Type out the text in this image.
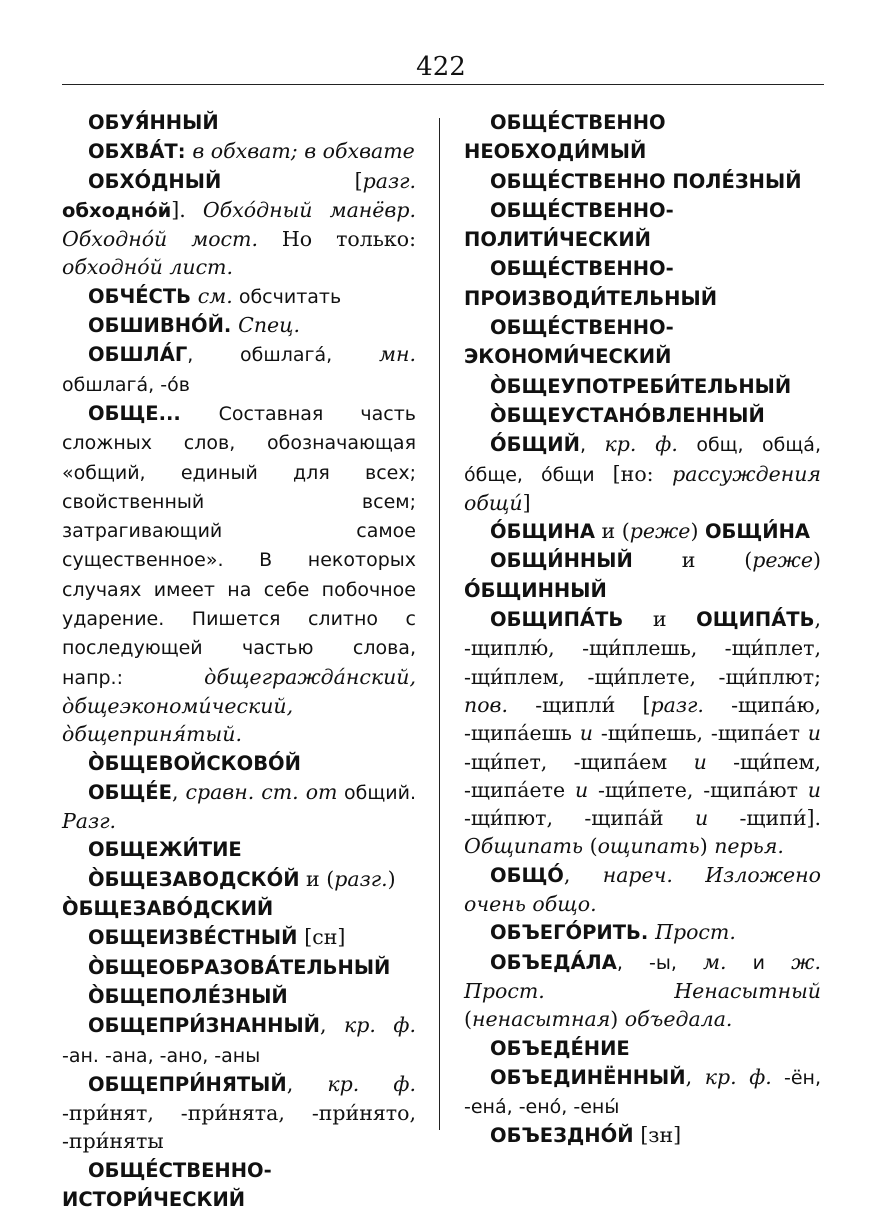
422

ОБУЯ́ННЫЙ

ОБХВА́Т: в обхват; в обхвате

ОБХО́ДНЫЙ [разг. обходно́й]. Обхо́дный манёвр. Обходно́й мост. Но только: обходно́й лист.

ОБЧЕ́СТЬ см. обсчитать

ОБШИВНО́Й. Спец.

ОБШЛА́Г, обшлага́, мн. обшлага́, -о́в

ОБЩЕ... Составная часть сложных слов, обозначающая «общий, единый для всех; свойственный всем; затрагивающий самое существенное». В некоторых случаях имеет на себе побочное ударение. Пишется слитно с последующей частью слова, напр.: о̀бщегражда́нский, о̀бщеэкономи́ческий, о̀бщеприня́тый.

О̀БЩЕВОЙСКОВО́Й

ОБЩЕ́Е, сравн. ст. от общий. Разг.

ОБЩЕЖИ́ТИЕ

О̀БЩЕЗАВОДСКО́Й и (разг.)

О̀БЩЕЗАВО́ДСКИЙ

ОБЩЕИЗВЕ́СТНЫЙ [сн]

О̀БЩЕОБРАЗОВА́ТЕЛЬНЫЙ

О̀БЩЕПОЛЕ́ЗНЫЙ

ОБЩЕПРИ́ЗНАННЫЙ, кр. ф. -ан. -ана, -ано, -аны

ОБЩЕПРИ́НЯТЫЙ, кр. ф. -при́нят, -при́нята, -при́нято, -при́няты

ОБЩЕ́СТВЕННО-ИСТОРИ́ЧЕСКИЙ

ОБЩЕ́СТВЕННО НЕОБХОДИ́МЫЙ

ОБЩЕ́СТВЕННО ПОЛЕ́ЗНЫЙ

ОБЩЕ́СТВЕННО-ПОЛИТИ́ЧЕСКИЙ

ОБЩЕ́СТВЕННО-ПРОИЗВОДИ́ТЕЛЬНЫЙ

ОБЩЕ́СТВЕННО-ЭКОНОМИ́ЧЕСКИЙ

О̀БЩЕУПОТРЕБИ́ТЕЛЬНЫЙ

О̀БЩЕУСТАНО́ВЛЕННЫЙ

О́БЩИЙ, кр. ф. общ, обща́, о́бще, о́бщи [но: рассуждения общи́]

О́БЩИНА и (реже) ОБЩИ́НА

ОБЩИ́ННЫЙ и (реже) О́БЩИННЫЙ

ОБЩИПА́ТЬ и ОЩИПА́ТЬ, -щиплю́, -щи́плешь, -щи́плет, -щи́плем, -щи́плете, -щи́плют; пов. -щипли́ [разг. -щипа́ю, -щипа́ешь и -щи́пешь, -щипа́ет и -щи́пет, -щипа́ем и -щи́пем, -щипа́ете и -щи́пете, -щипа́ют и -щи́пют, -щипа́й и -щипи́]. Общипать (ощипать) перья.

ОБЩО́, нареч. Изложено очень общо.

ОБЪЕГО́РИТЬ. Прост.

ОБЪЕДА́ЛА, -ы, м. и ж. Прост. Ненасытный (ненасытная) объедала.

ОБЪЕДЕ́НИЕ

ОБЪЕДИНЁННЫЙ, кр. ф. -ён, -ена́, -ено́, -ены́

ОБЪЕЗДНО́Й [зн]
